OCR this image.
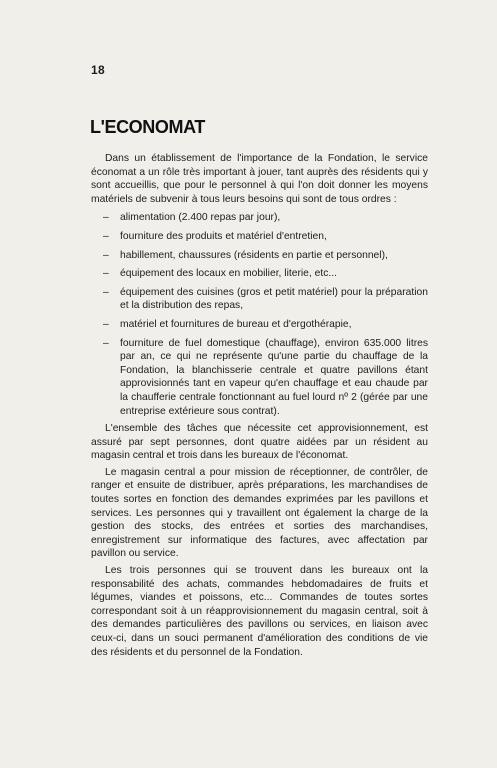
18
L'ECONOMAT

Dans un établissement de l'importance de la Fondation, le service économat a un rôle très important à jouer, tant auprès des résidents qui y sont accueillis, que pour le personnel à qui l'on doit donner les moyens matériels de subvenir à tous leurs besoins qui sont de tous ordres :

– alimentation (2.400 repas par jour),
– fourniture des produits et matériel d'entretien,
– habillement, chaussures (résidents en partie et personnel),
– équipement des locaux en mobilier, literie, etc...
– équipement des cuisines (gros et petit matériel) pour la préparation et la distribution des repas,
– matériel et fournitures de bureau et d'ergothérapie,
– fourniture de fuel domestique (chauffage), environ 635.000 litres par an, ce qui ne représente qu'une partie du chauffage de la Fondation, la blanchisserie centrale et quatre pavillons étant approvisionnés tant en vapeur qu'en chauffage et eau chaude par la chaufferie centrale fonctionnant au fuel lourd nº 2 (gérée par une entreprise extérieure sous contrat).

L'ensemble des tâches que nécessite cet approvisionnement, est assuré par sept personnes, dont quatre aidées par un résident au magasin central et trois dans les bureaux de l'économat.

Le magasin central a pour mission de réceptionner, de contrôler, de ranger et ensuite de distribuer, après préparations, les marchandises de toutes sortes en fonction des demandes exprimées par les pavillons et services. Les personnes qui y travaillent ont également la charge de la gestion des stocks, des entrées et sorties des marchandises, enregistrement sur informatique des factures, avec affectation par pavillon ou service.

Les trois personnes qui se trouvent dans les bureaux ont la responsabilité des achats, commandes hebdomadaires de fruits et légumes, viandes et poissons, etc... Commandes de toutes sortes correspondant soit à un réapprovisionnement du magasin central, soit à des demandes particulières des pavillons ou services, en liaison avec ceux-ci, dans un souci permanent d'amélioration des conditions de vie des résidents et du personnel de la Fondation.
